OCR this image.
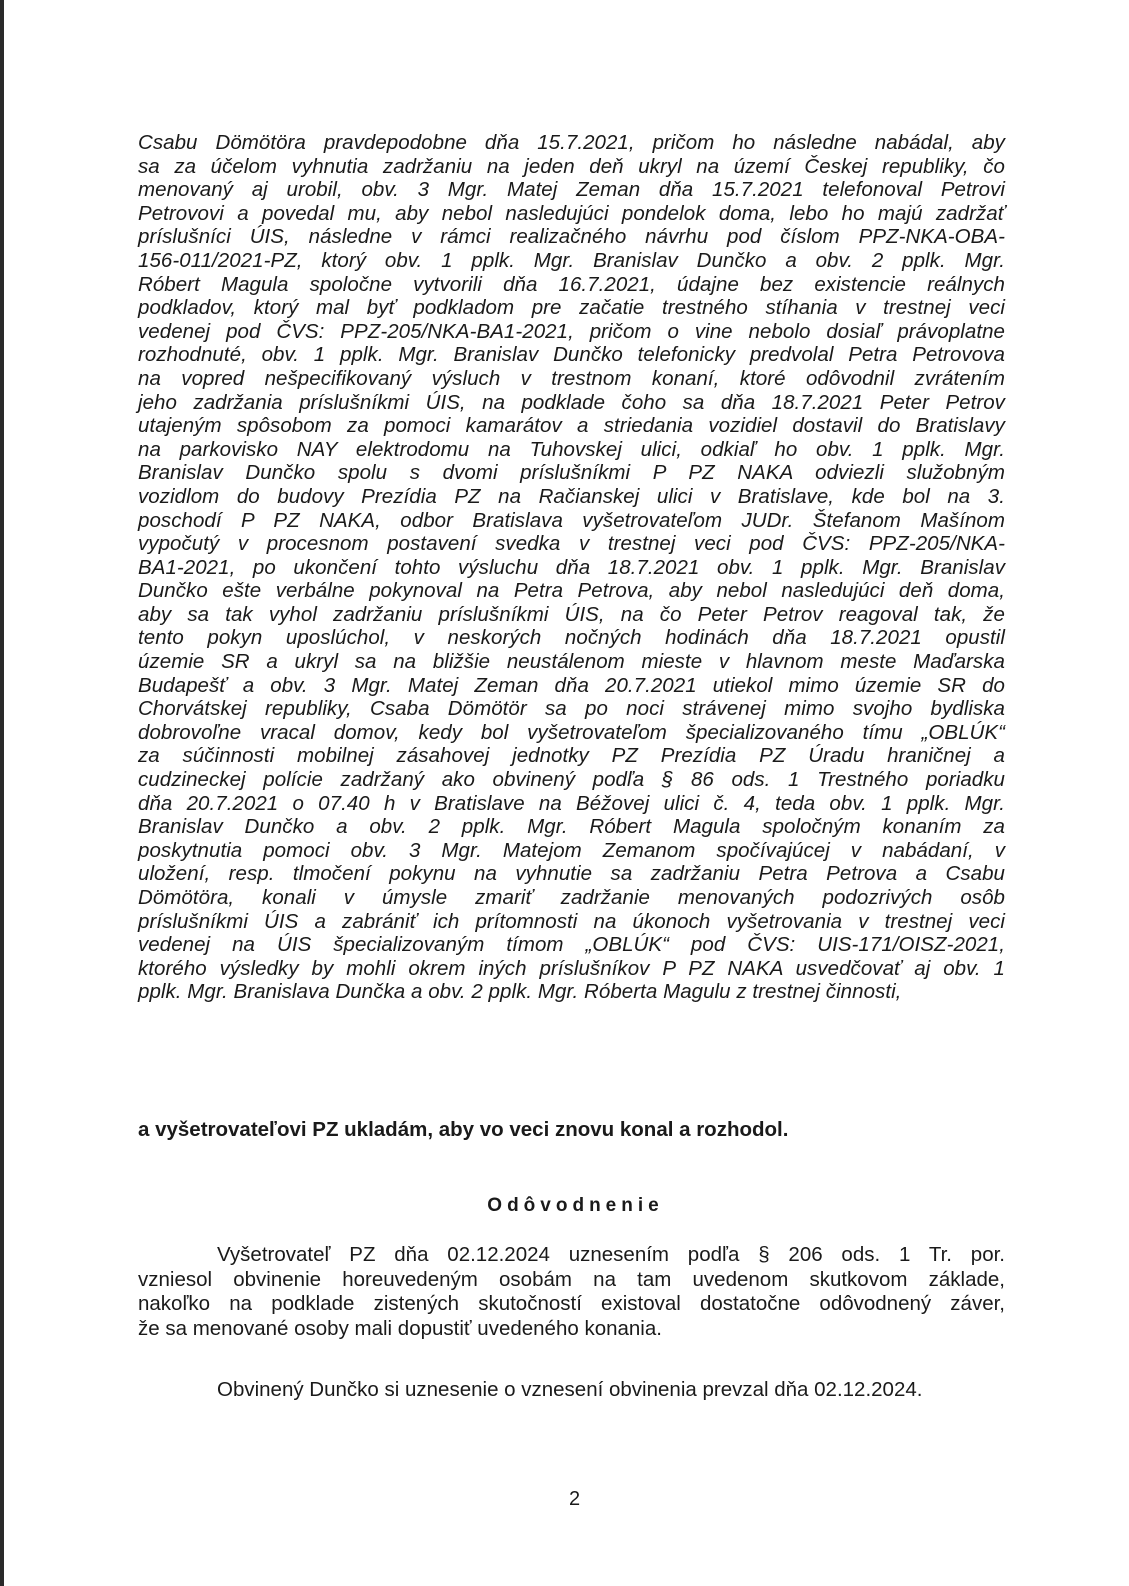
Csabu Dömötöra pravdepodobne dňa 15.7.2021, pričom ho následne nabádal, aby
sa za účelom vyhnutia zadržaniu na jeden deň ukryl na území Českej republiky, čo
menovaný aj urobil, obv. 3 Mgr. Matej Zeman dňa 15.7.2021 telefonoval Petrovi
Petrovovi a povedal mu, aby nebol nasledujúci pondelok doma, lebo ho majú zadržať
príslušníci ÚIS, následne v rámci realizačného návrhu pod číslom PPZ-NKA-OBA-
156-011/2021-PZ, ktorý obv. 1 pplk. Mgr. Branislav Dunčko a obv. 2 pplk. Mgr.
Róbert Magula spoločne vytvorili dňa 16.7.2021, údajne bez existencie reálnych
podkladov, ktorý mal byť podkladom pre začatie trestného stíhania v trestnej veci
vedenej pod ČVS: PPZ-205/NKA-BA1-2021, pričom o vine nebolo dosiaľ právoplatne
rozhodnuté, obv. 1 pplk. Mgr. Branislav Dunčko telefonicky predvolal Petra Petrovova
na vopred nešpecifikovaný výsluch v trestnom konaní, ktoré odôvodnil zvrátením
jeho zadržania príslušníkmi ÚIS, na podklade čoho sa dňa 18.7.2021 Peter Petrov
utajeným spôsobom za pomoci kamarátov a striedania vozidiel dostavil do Bratislavy
na parkovisko NAY elektrodomu na Tuhovskej ulici, odkiaľ ho obv. 1 pplk. Mgr.
Branislav Dunčko spolu s dvomi príslušníkmi P PZ NAKA odviezli služobným
vozidlom do budovy Prezídia PZ na Račianskej ulici v Bratislave, kde bol na 3.
poschodí P PZ NAKA, odbor Bratislava vyšetrovateľom JUDr. Štefanom Mašínom
vypočutý v procesnom postavení svedka v trestnej veci pod ČVS: PPZ-205/NKA-
BA1-2021, po ukončení tohto výsluchu dňa 18.7.2021 obv. 1 pplk. Mgr. Branislav
Dunčko ešte verbálne pokynoval na Petra Petrova, aby nebol nasledujúci deň doma,
aby sa tak vyhol zadržaniu príslušníkmi ÚIS, na čo Peter Petrov reagoval tak, že
tento pokyn uposlúchol, v neskorých nočných hodinách dňa 18.7.2021 opustil
územie SR a ukryl sa na bližšie neustálenom mieste v hlavnom meste Maďarska
Budapešť a obv. 3 Mgr. Matej Zeman dňa 20.7.2021 utiekol mimo územie SR do
Chorvátskej republiky, Csaba Dömötör sa po noci strávenej mimo svojho bydliska
dobrovoľne vracal domov, kedy bol vyšetrovateľom špecializovaného tímu „OBLÚK“
za súčinnosti mobilnej zásahovej jednotky PZ Prezídia PZ Úradu hraničnej a
cudzineckej polície zadržaný ako obvinený podľa § 86 ods. 1 Trestného poriadku
dňa 20.7.2021 o 07.40 h v Bratislave na Béžovej ulici č. 4, teda obv. 1 pplk. Mgr.
Branislav Dunčko a obv. 2 pplk. Mgr. Róbert Magula spoločným konaním za
poskytnutia pomoci obv. 3 Mgr. Matejom Zemanom spočívajúcej v nabádaní, v
uložení, resp. tlmočení pokynu na vyhnutie sa zadržaniu Petra Petrova a Csabu
Dömötöra, konali v úmysle zmariť zadržanie menovaných podozrivých osôb
príslušníkmi ÚIS a zabrániť ich prítomnosti na úkonoch vyšetrovania v trestnej veci
vedenej na ÚIS špecializovaným tímom „OBLÚK“ pod ČVS: UIS-171/OISZ-2021,
ktorého výsledky by mohli okrem iných príslušníkov P PZ NAKA usvedčovať aj obv. 1
pplk. Mgr. Branislava Dunčka a obv. 2 pplk. Mgr. Róberta Magulu z trestnej činnosti,
a vyšetrovateľovi PZ ukladám, aby vo veci znovu konal a rozhodol.
Odôvodnenie
Vyšetrovateľ PZ dňa 02.12.2024 uznesením podľa § 206 ods. 1 Tr. por.
vzniesol obvinenie horeuvedeným osobám na tam uvedenom skutkovom základe,
nakoľko na podklade zistených skutočností existoval dostatočne odôvodnený záver,
že sa menované osoby mali dopustiť uvedeného konania.
Obvinený Dunčko si uznesenie o vznesení obvinenia prevzal dňa 02.12.2024.
2
